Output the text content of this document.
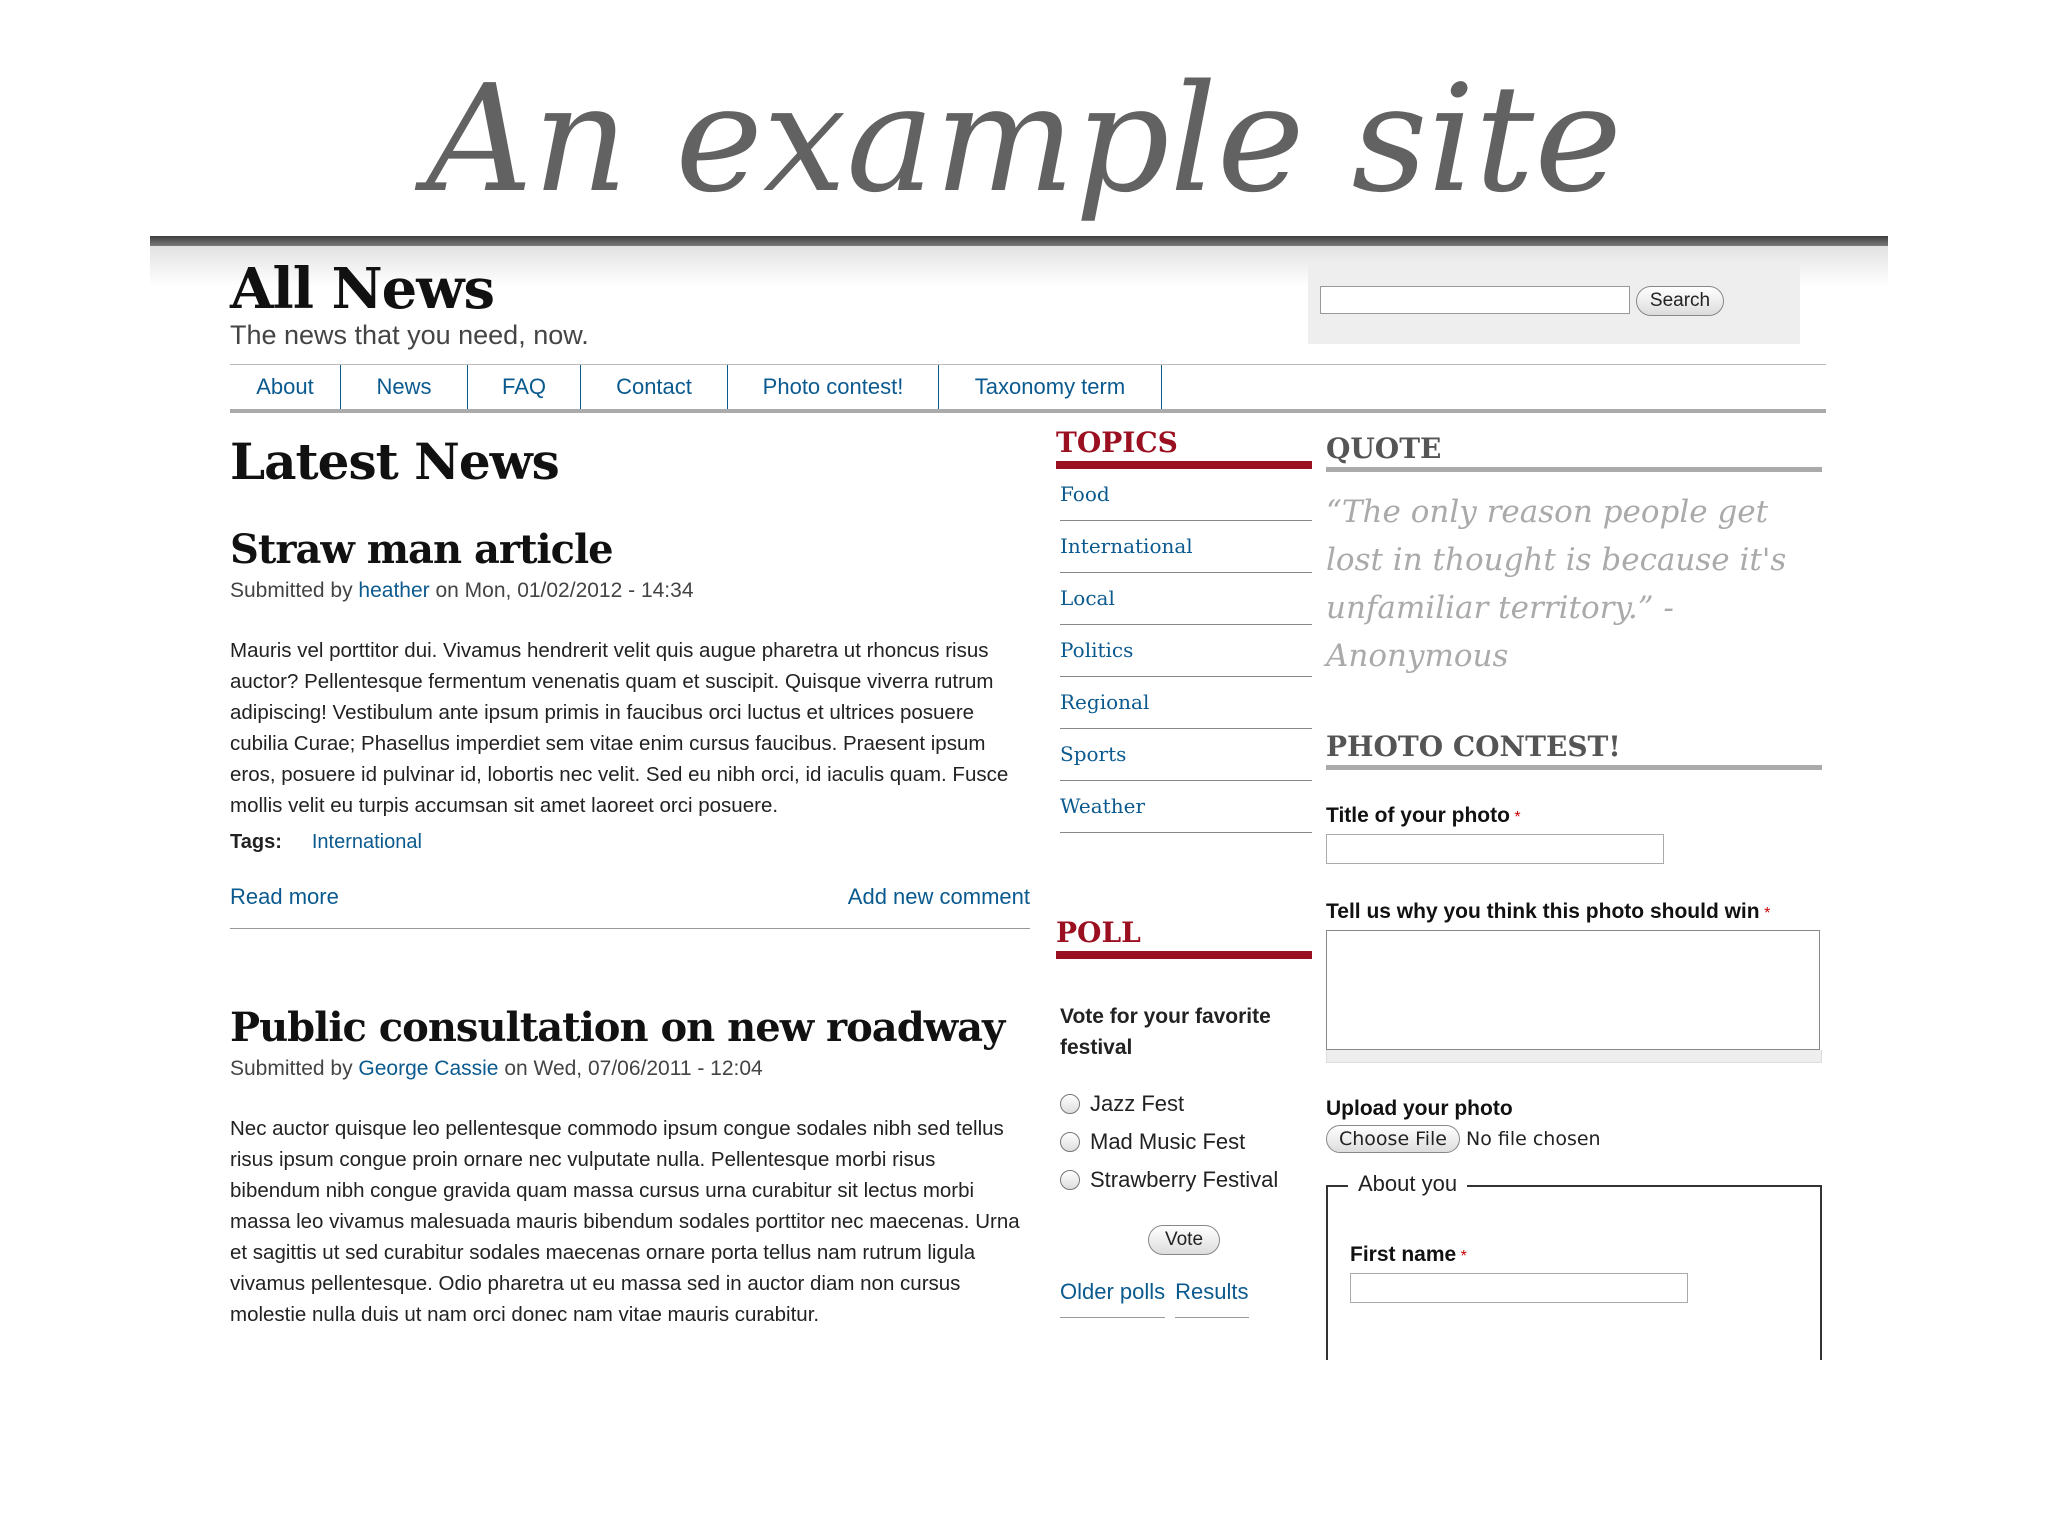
An example site
All News
The news that you need, now.
Search
About	News	FAQ	Contact	Photo contest!	Taxonomy term
Latest News
Straw man article
Submitted by heather on Mon, 01/02/2012 - 14:34
Mauris vel porttitor dui. Vivamus hendrerit velit quis augue pharetra ut rhoncus risus auctor? Pellentesque fermentum venenatis quam et suscipit. Quisque viverra rutrum adipiscing! Vestibulum ante ipsum primis in faucibus orci luctus et ultrices posuere cubilia Curae; Phasellus imperdiet sem vitae enim cursus faucibus. Praesent ipsum eros, posuere id pulvinar id, lobortis nec velit. Sed eu nibh orci, id iaculis quam. Fusce mollis velit eu turpis accumsan sit amet laoreet orci posuere.
Tags: International
Read more	Add new comment
Public consultation on new roadway
Submitted by George Cassie on Wed, 07/06/2011 - 12:04
Nec auctor quisque leo pellentesque commodo ipsum congue sodales nibh sed tellus risus ipsum congue proin ornare nec vulputate nulla. Pellentesque morbi risus bibendum nibh congue gravida quam massa cursus urna curabitur sit lectus morbi massa leo vivamus malesuada mauris bibendum sodales porttitor nec maecenas. Urna et sagittis ut sed curabitur sodales maecenas ornare porta tellus nam rutrum ligula vivamus pellentesque. Odio pharetra ut eu massa sed in auctor diam non cursus molestie nulla duis ut nam orci donec nam vitae mauris curabitur.
TOPICS
Food
International
Local
Politics
Regional
Sports
Weather
POLL
Vote for your favorite festival
Jazz Fest
Mad Music Fest
Strawberry Festival
Vote
Older polls Results
QUOTE
“The only reason people get lost in thought is because it's unfamiliar territory.” - Anonymous
PHOTO CONTEST!
Title of your photo *
Tell us why you think this photo should win *
Upload your photo
Choose File No file chosen
About you
First name *
